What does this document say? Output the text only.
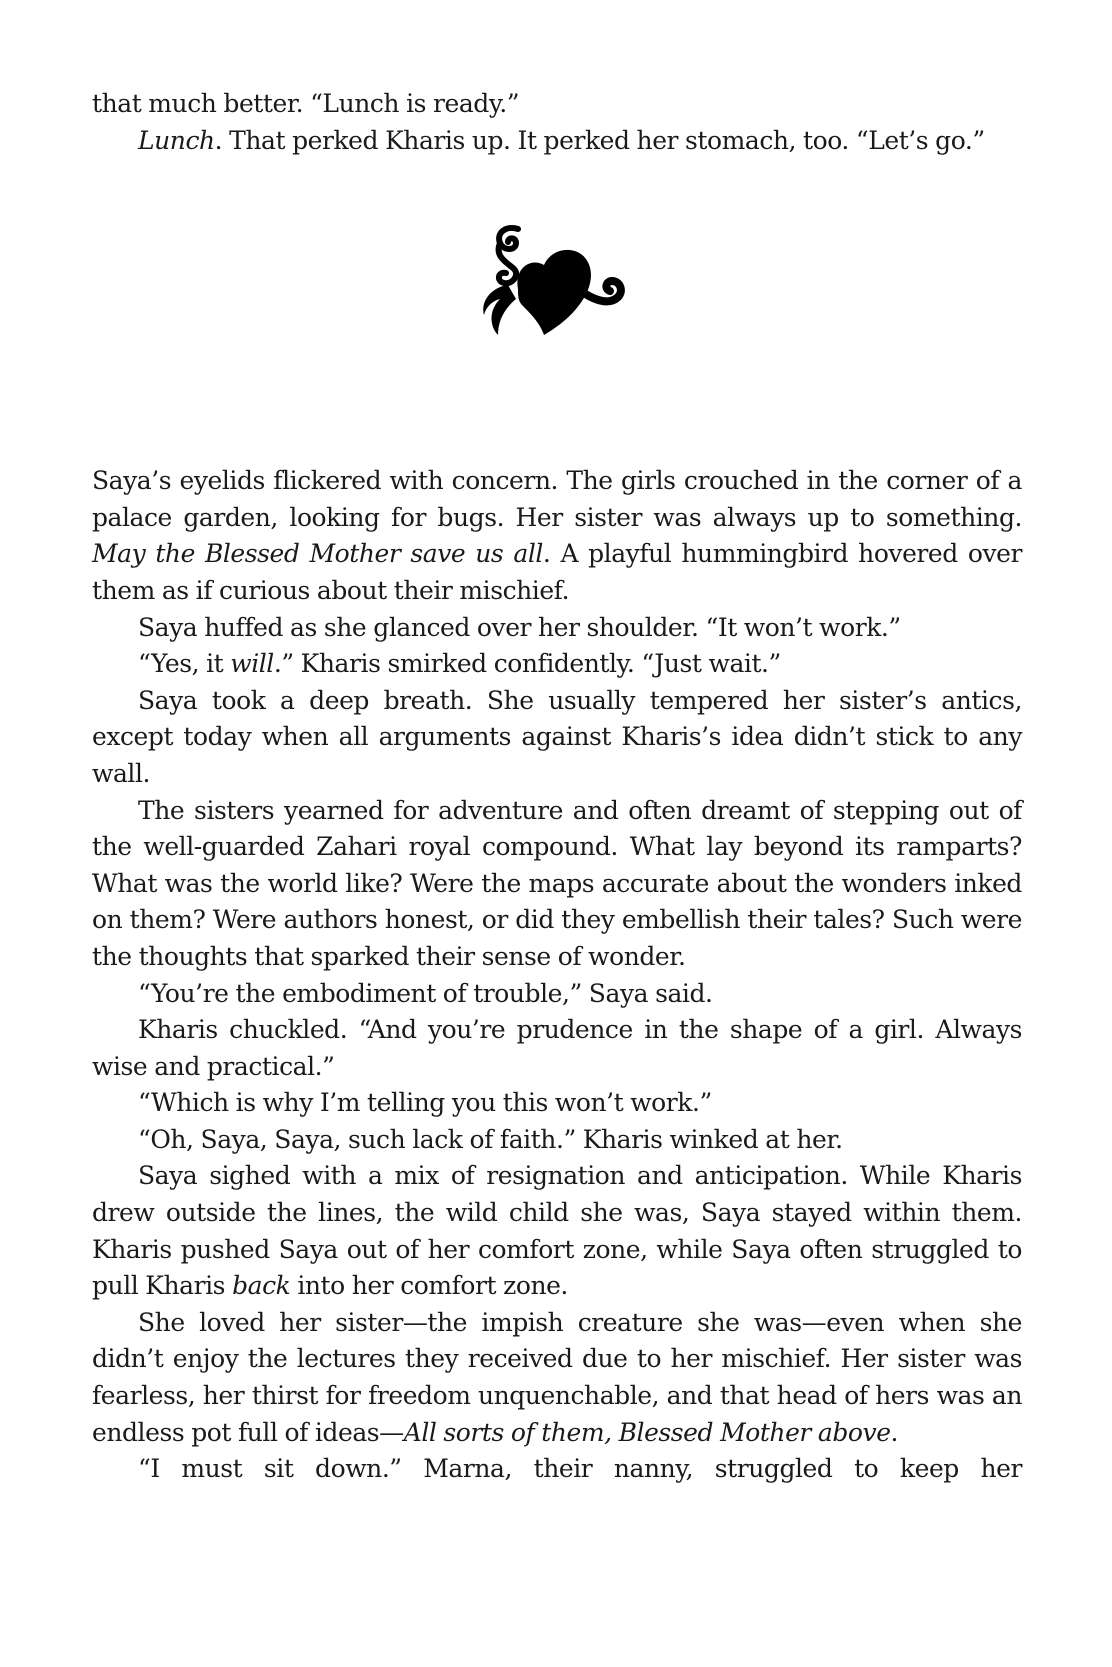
that much better. “Lunch is ready.”

Lunch. That perked Kharis up. It perked her stomach, too. “Let’s go.”

Saya’s eyelids flickered with concern. The girls crouched in the corner of a palace garden, looking for bugs. Her sister was always up to something. May the Blessed Mother save us all. A playful hummingbird hovered over them as if curious about their mischief.

Saya huffed as she glanced over her shoulder. “It won’t work.”

“Yes, it will.” Kharis smirked confidently. “Just wait.”

Saya took a deep breath. She usually tempered her sister’s antics, except today when all arguments against Kharis’s idea didn’t stick to any wall.

The sisters yearned for adventure and often dreamt of stepping out of the well-guarded Zahari royal compound. What lay beyond its ramparts? What was the world like? Were the maps accurate about the wonders inked on them? Were authors honest, or did they embellish their tales? Such were the thoughts that sparked their sense of wonder.

“You’re the embodiment of trouble,” Saya said.

Kharis chuckled. “And you’re prudence in the shape of a girl. Always wise and practical.”

“Which is why I’m telling you this won’t work.”

“Oh, Saya, Saya, such lack of faith.” Kharis winked at her.

Saya sighed with a mix of resignation and anticipation. While Kharis drew outside the lines, the wild child she was, Saya stayed within them. Kharis pushed Saya out of her comfort zone, while Saya often struggled to pull Kharis back into her comfort zone.

She loved her sister—the impish creature she was—even when she didn’t enjoy the lectures they received due to her mischief. Her sister was fearless, her thirst for freedom unquenchable, and that head of hers was an endless pot full of ideas—All sorts of them, Blessed Mother above.

“I must sit down.” Marna, their nanny, struggled to keep her
